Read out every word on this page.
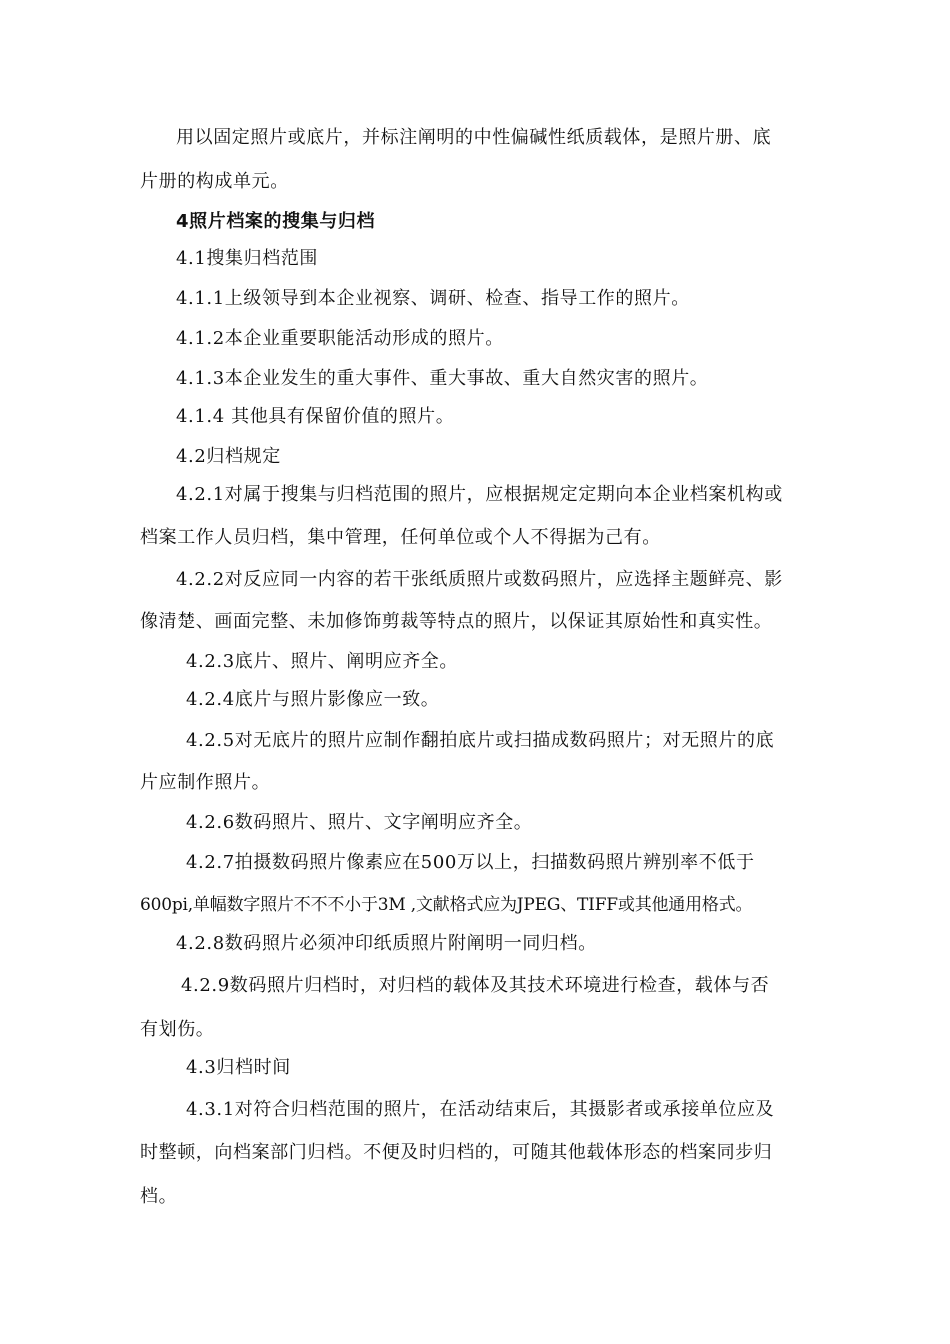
用以固定照片或底片，并标注阐明的中性偏碱性纸质载体，是照片册、底
片册的构成单元。
4照片档案的搜集与归档
4.1搜集归档范围
4.1.1上级领导到本企业视察、调研、检查、指导工作的照片。
4.1.2本企业重要职能活动形成的照片。
4.1.3本企业发生的重大事件、重大事故、重大自然灾害的照片。
4.1.4 其他具有保留价值的照片。
4.2归档规定
4.2.1对属于搜集与归档范围的照片，应根据规定定期向本企业档案机构或
档案工作人员归档，集中管理，任何单位或个人不得据为己有。
4.2.2对反应同一内容的若干张纸质照片或数码照片，应选择主题鲜亮、影
像清楚、画面完整、未加修饰剪裁等特点的照片，以保证其原始性和真实性。
4.2.3底片、照片、阐明应齐全。
4.2.4底片与照片影像应一致。
4.2.5对无底片的照片应制作翻拍底片或扫描成数码照片；对无照片的底
片应制作照片。
4.2.6数码照片、照片、文字阐明应齐全。
4.2.7拍摄数码照片像素应在500万以上，扫描数码照片辨别率不低于
600pi,单幅数字照片不不不小于3M ,文献格式应为JPEG、TIFF或其他通用格式。
4.2.8数码照片必须冲印纸质照片附阐明一同归档。
4.2.9数码照片归档时，对归档的载体及其技术环境进行检查，载体与否
有划伤。
4.3归档时间
4.3.1对符合归档范围的照片，在活动结束后，其摄影者或承接单位应及
时整顿，向档案部门归档。不便及时归档的，可随其他载体形态的档案同步归
档。
